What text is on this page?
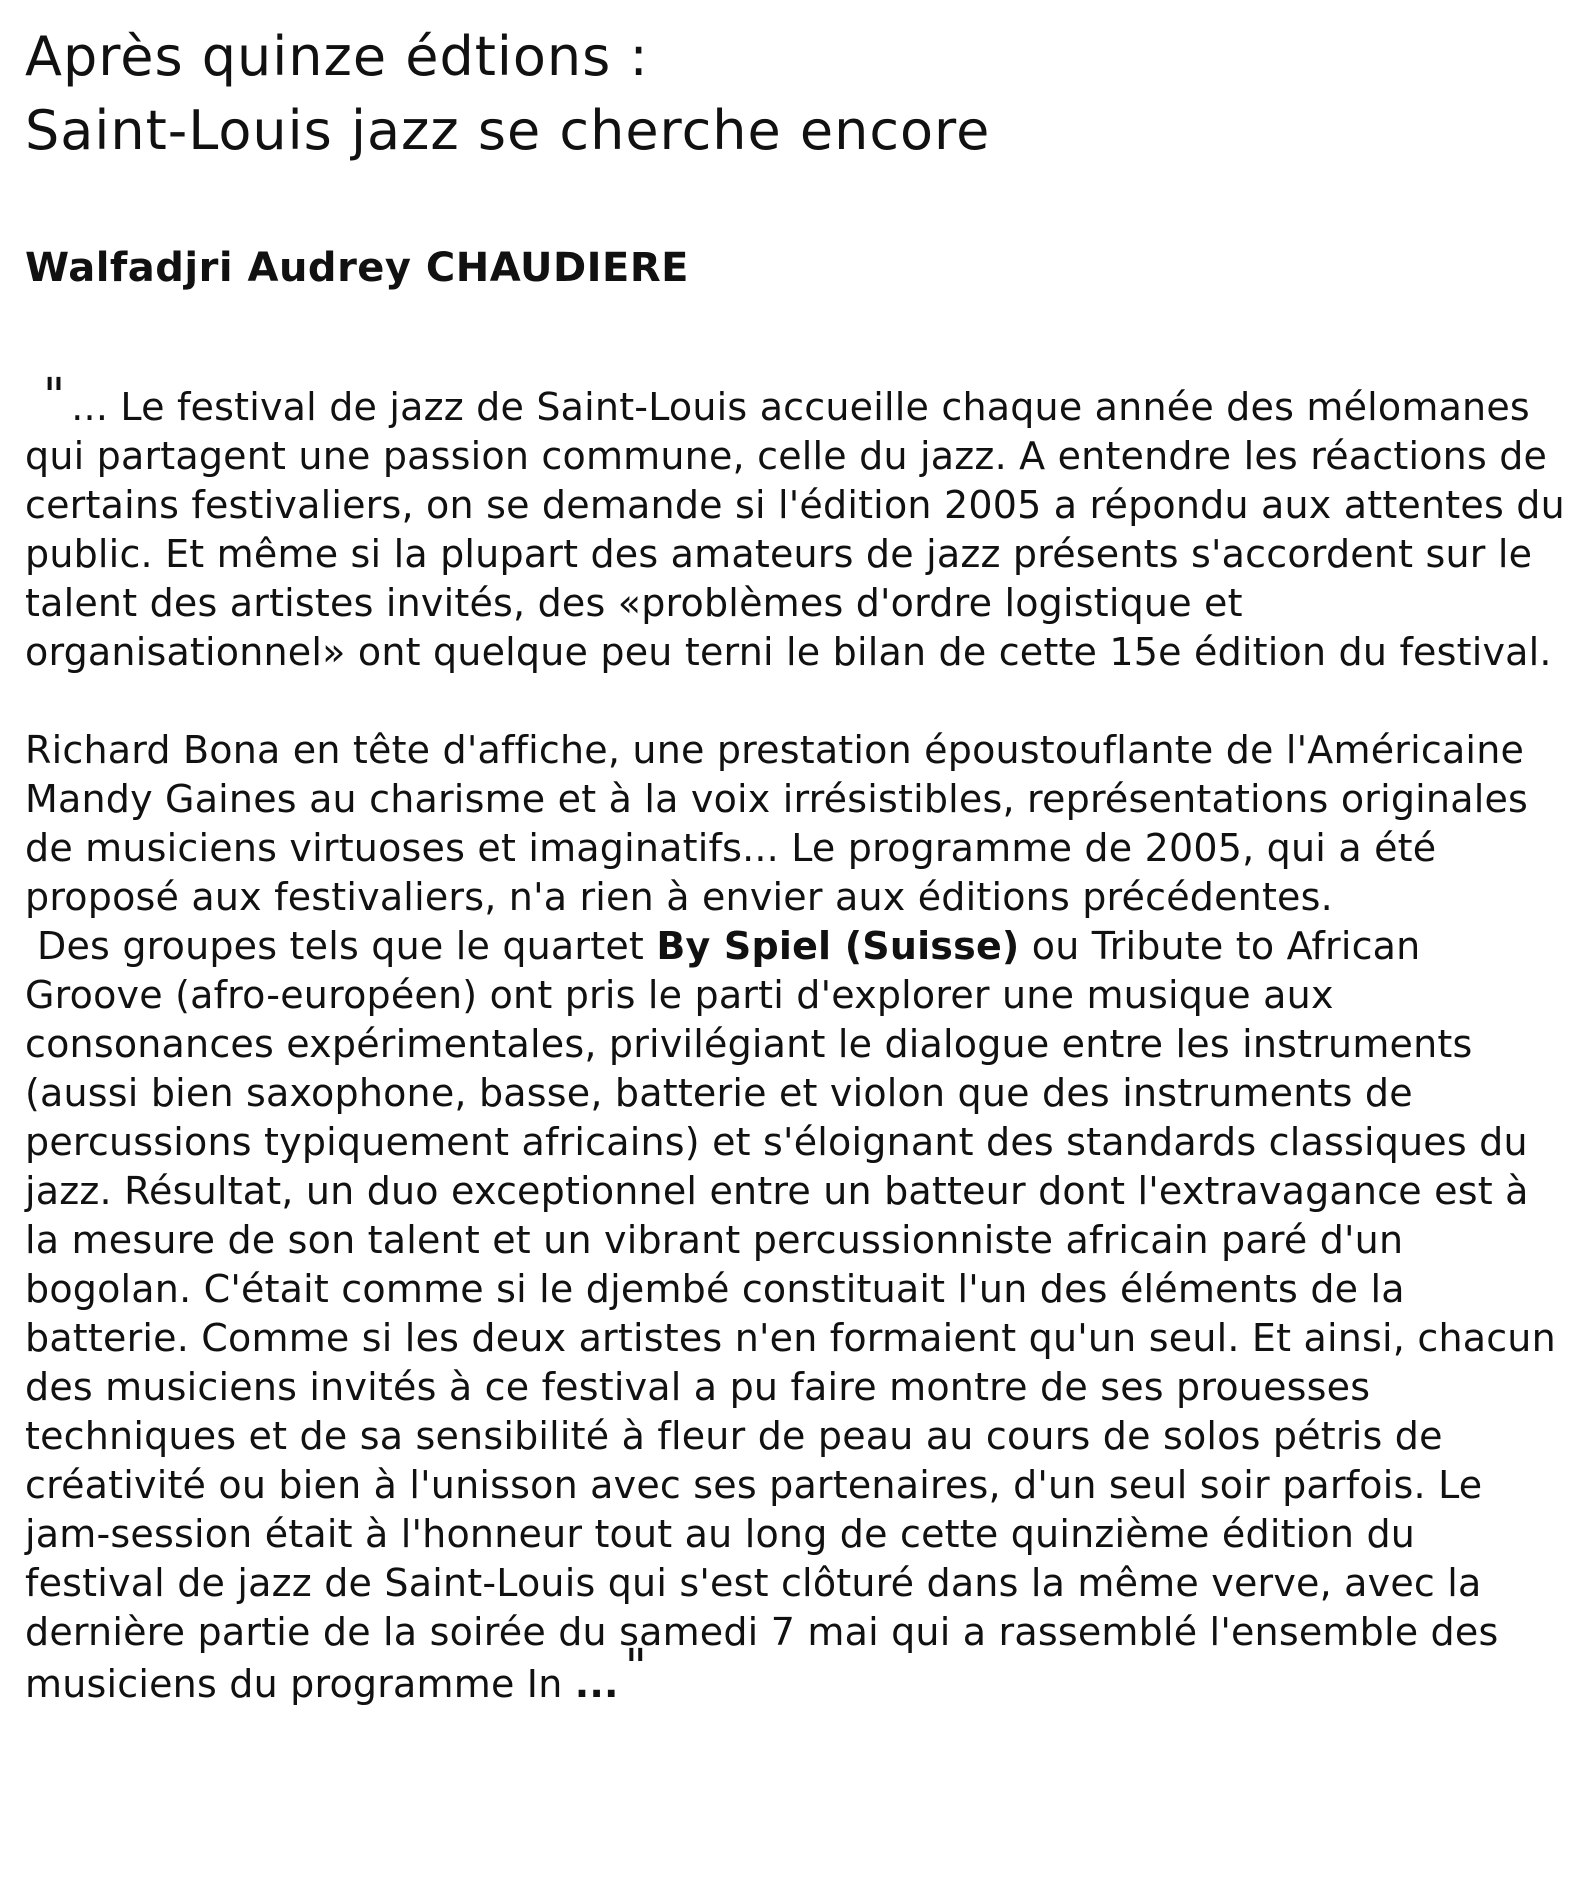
Après quinze édtions :
Saint-Louis jazz se cherche encore

Walfadjri Audrey CHAUDIERE

" ... Le festival de jazz de Saint-Louis accueille chaque année des mélomanes qui partagent une passion commune, celle du jazz. A entendre les réactions de certains festivaliers, on se demande si l'édition 2005 a répondu aux attentes du public. Et même si la plupart des amateurs de jazz présents s'accordent sur le talent des artistes invités, des «problèmes d'ordre logistique et organisationnel» ont quelque peu terni le bilan de cette 15e édition du festival.

Richard Bona en tête d'affiche, une prestation époustouflante de l'Américaine Mandy Gaines au charisme et à la voix irrésistibles, représentations originales de musiciens virtuoses et imaginatifs... Le programme de 2005, qui a été proposé aux festivaliers, n'a rien à envier aux éditions précédentes.

Des groupes tels que le quartet By Spiel (Suisse) ou Tribute to African Groove (afro-européen) ont pris le parti d'explorer une musique aux consonances expérimentales, privilégiant le dialogue entre les instruments (aussi bien saxophone, basse, batterie et violon que des instruments de percussions typiquement africains) et s'éloignant des standards classiques du jazz. Résultat, un duo exceptionnel entre un batteur dont l'extravagance est à la mesure de son talent et un vibrant percussionniste africain paré d'un bogolan. C'était comme si le djembé constituait l'un des éléments de la batterie. Comme si les deux artistes n'en formaient qu'un seul. Et ainsi, chacun des musiciens invités à ce festival a pu faire montre de ses prouesses techniques et de sa sensibilité à fleur de peau au cours de solos pétris de créativité ou bien à l'unisson avec ses partenaires, d'un seul soir parfois. Le jam-session était à l'honneur tout au long de cette quinzième édition du festival de jazz de Saint-Louis qui s'est clôturé dans la même verve, avec la dernière partie de la soirée du samedi 7 mai qui a rassemblé l'ensemble des musiciens du programme In ... "
